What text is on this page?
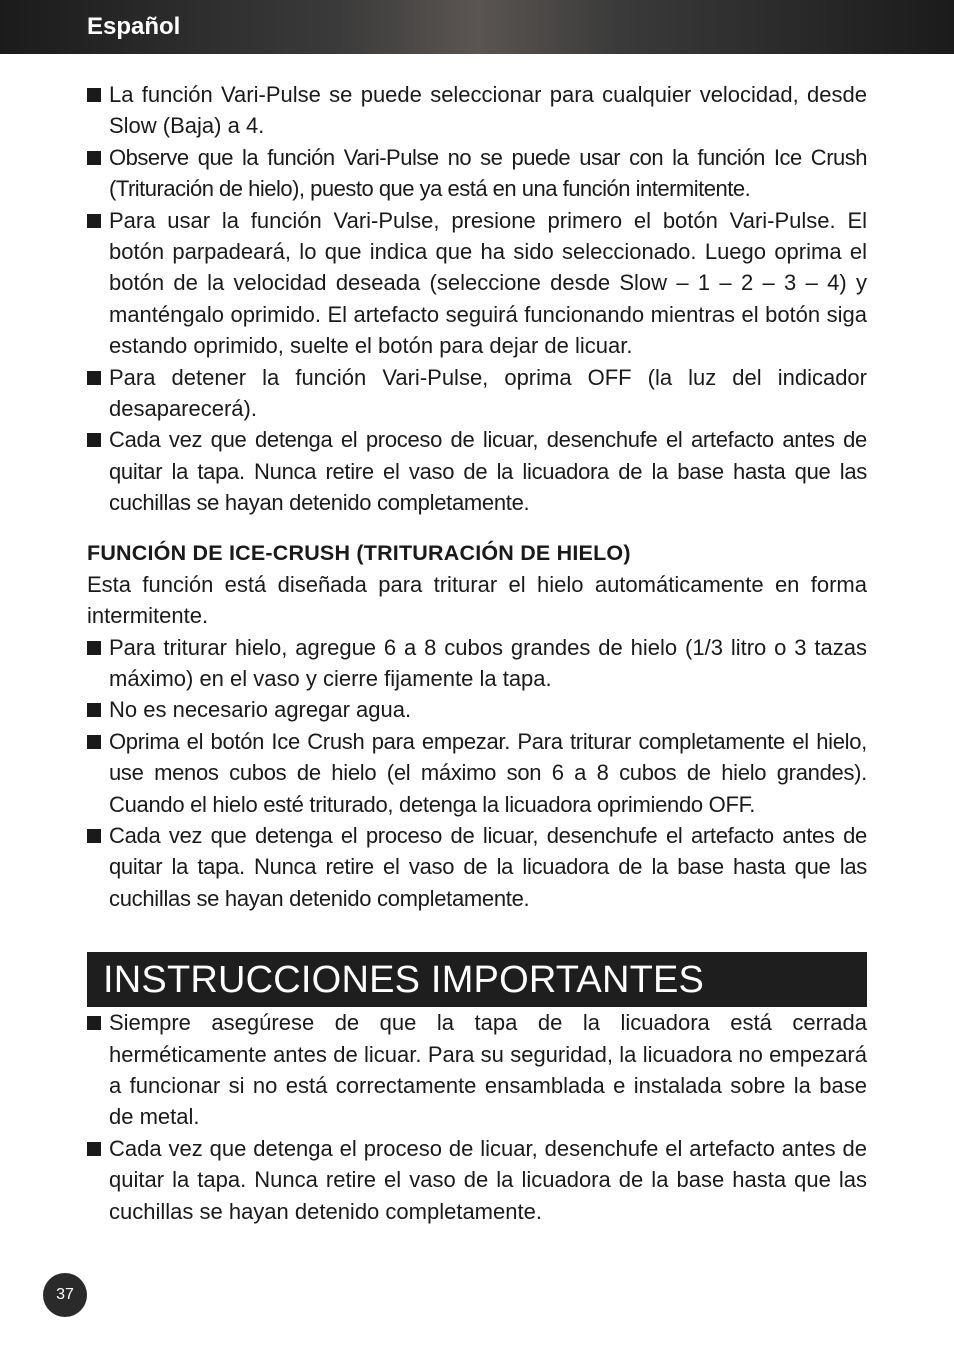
Español
La función Vari-Pulse se puede seleccionar para cualquier velocidad, desde Slow (Baja) a 4.
Observe que la función Vari-Pulse no se puede usar con la función Ice Crush (Trituración de hielo), puesto que ya está en una función intermitente.
Para usar la función Vari-Pulse, presione primero el botón Vari-Pulse. El botón parpadeará, lo que indica que ha sido seleccionado. Luego oprima el botón de la velocidad deseada (seleccione desde Slow – 1 – 2 – 3 – 4) y manténgalo oprimido. El artefacto seguirá funcionando mientras el botón siga estando oprimido, suelte el botón para dejar de licuar.
Para detener la función Vari-Pulse, oprima OFF (la luz del indicador desaparecerá).
Cada vez que detenga el proceso de licuar, desenchufe el artefacto antes de quitar la tapa. Nunca retire el vaso de la licuadora de la base hasta que las cuchillas se hayan detenido completamente.
FUNCIÓN DE ICE-CRUSH (TRITURACIÓN DE HIELO)
Esta función está diseñada para triturar el hielo automáticamente en forma intermitente.
Para triturar hielo, agregue 6 a 8 cubos grandes de hielo (1/3 litro o 3 tazas máximo) en el vaso y cierre fijamente la tapa.
No es necesario agregar agua.
Oprima el botón Ice Crush para empezar. Para triturar completamente el hielo, use menos cubos de hielo (el máximo son 6 a 8 cubos de hielo grandes). Cuando el hielo esté triturado, detenga la licuadora oprimiendo OFF.
Cada vez que detenga el proceso de licuar, desenchufe el artefacto antes de quitar la tapa. Nunca retire el vaso de la licuadora de la base hasta que las cuchillas se hayan detenido completamente.
INSTRUCCIONES IMPORTANTES
Siempre asegúrese de que la tapa de la licuadora está cerrada herméticamente antes de licuar. Para su seguridad, la licuadora no empezará a funcionar si no está correctamente ensamblada e instalada sobre la base de metal.
Cada vez que detenga el proceso de licuar, desenchufe el artefacto antes de quitar la tapa. Nunca retire el vaso de la licuadora de la base hasta que las cuchillas se hayan detenido completamente.
37
